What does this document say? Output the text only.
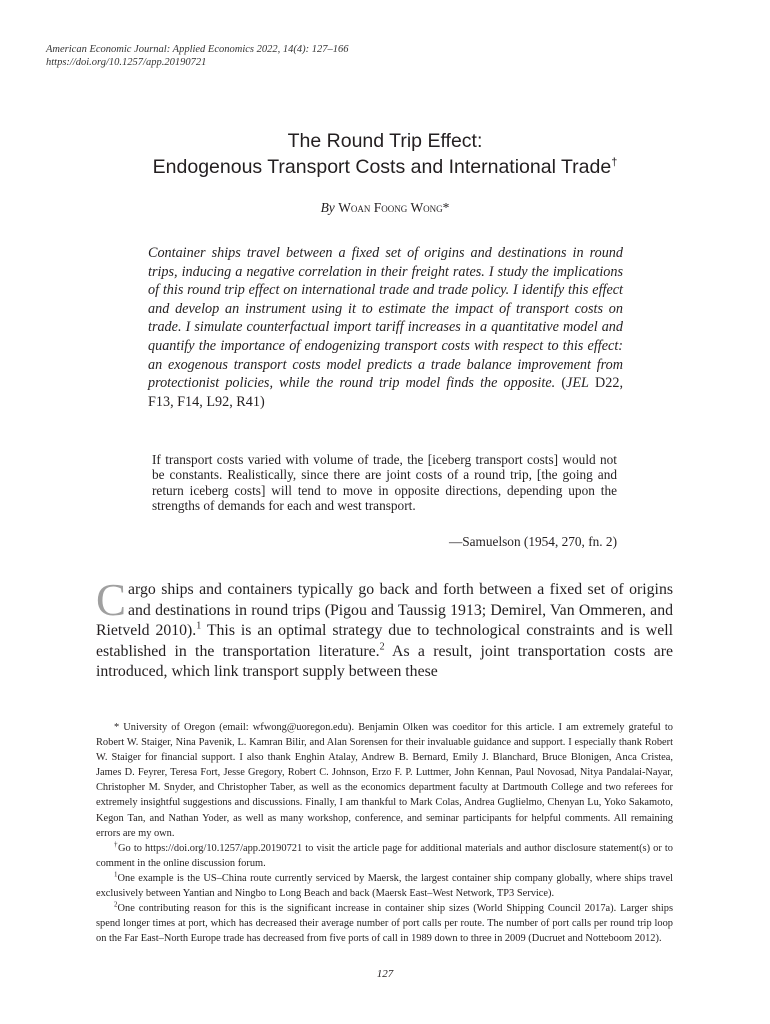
American Economic Journal: Applied Economics 2022, 14(4): 127–166
https://doi.org/10.1257/app.20190721
The Round Trip Effect:
Endogenous Transport Costs and International Trade†
By Woan Foong Wong*
Container ships travel between a fixed set of origins and destinations in round trips, inducing a negative correlation in their freight rates. I study the implications of this round trip effect on international trade and trade policy. I identify this effect and develop an instrument using it to estimate the impact of transport costs on trade. I simulate counterfactual import tariff increases in a quantitative model and quantify the importance of endogenizing transport costs with respect to this effect: an exogenous transport costs model predicts a trade balance improvement from protectionist policies, while the round trip model finds the opposite. (JEL D22, F13, F14, L92, R41)
If transport costs varied with volume of trade, the [iceberg transport costs] would not be constants. Realistically, since there are joint costs of a round trip, [the going and return iceberg costs] will tend to move in opposite directions, depending upon the strengths of demands for each and west transport.
—Samuelson (1954, 270, fn. 2)
Cargo ships and containers typically go back and forth between a fixed set of origins and destinations in round trips (Pigou and Taussig 1913; Demirel, Van Ommeren, and Rietveld 2010).$^1$ This is an optimal strategy due to technological constraints and is well established in the transportation literature.$^2$ As a result, joint transportation costs are introduced, which link transport supply between these

* University of Oregon (email: wfwong@uoregon.edu). Benjamin Olken was coeditor for this article. I am extremely grateful to Robert W. Staiger, Nina Pavenik, L. Kamran Bilir, and Alan Sorensen for their invaluable guidance and support. I especially thank Robert W. Staiger for financial support. I also thank Enghin Atalay, Andrew B. Bernard, Emily J. Blanchard, Bruce Blonigen, Anca Cristea, James D. Feyrer, Teresa Fort, Jesse Gregory, Robert C. Johnson, Erzo F. P. Luttmer, John Kennan, Paul Novosad, Nitya Pandalai-Nayar, Christopher M. Snyder, and Christopher Taber, as well as the economics department faculty at Dartmouth College and two referees for extremely insightful suggestions and discussions. Finally, I am thankful to Mark Colas, Andrea Guglielmo, Chenyan Lu, Yoko Sakamoto, Kegon Tan, and Nathan Yoder, as well as many workshop, conference, and seminar participants for helpful comments. All remaining errors are my own.

†Go to https://doi.org/10.1257/app.20190721 to visit the article page for additional materials and author disclosure statement(s) or to comment in the online discussion forum.

$^1$One example is the US–China route currently serviced by Maersk, the largest container ship company globally, where ships travel exclusively between Yantian and Ningbo to Long Beach and back (Maersk East–West Network, TP3 Service).

$^2$One contributing reason for this is the significant increase in container ship sizes (World Shipping Council 2017a). Larger ships spend longer times at port, which has decreased their average number of port calls per route. The number of port calls per round trip loop on the Far East–North Europe trade has decreased from five ports of call in 1989 down to three in 2009 (Ducruet and Notteboom 2012).

127
